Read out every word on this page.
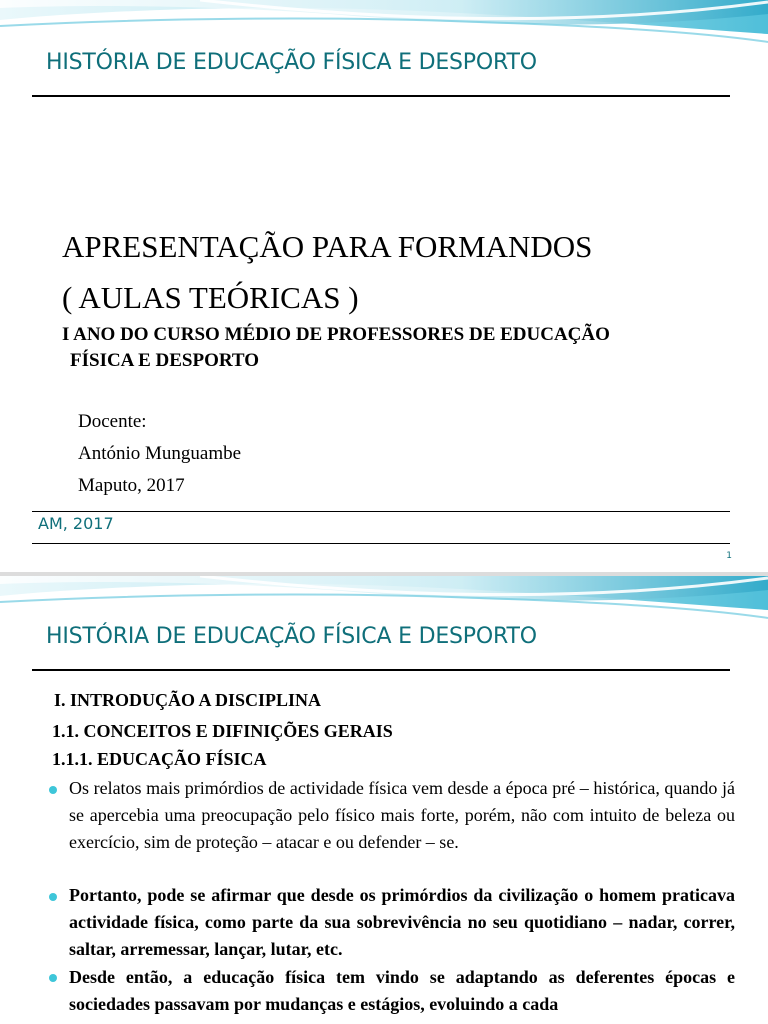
HISTÓRIA DE EDUCAÇÃO FÍSICA E DESPORTO
APRESENTAÇÃO PARA FORMANDOS
( AULAS TEÓRICAS )
I ANO DO CURSO MÉDIO DE PROFESSORES DE EDUCAÇÃO
FÍSICA E DESPORTO
Docente:
António Munguambe
Maputo, 2017
AM, 2017
1
HISTÓRIA DE EDUCAÇÃO FÍSICA E DESPORTO
I. INTRODUÇÃO A DISCIPLINA
1.1. CONCEITOS E DIFINIÇÕES GERAIS
1.1.1. EDUCAÇÃO FÍSICA
Os relatos mais primórdios de actividade física vem desde a época pré – histórica, quando já se apercebia uma preocupação pelo físico mais forte, porém, não com intuito de beleza ou exercício, sim de proteção – atacar e ou defender – se.
Portanto, pode se afirmar que desde os primórdios da civilização o homem praticava actividade física, como parte da sua sobrevivência no seu quotidiano – nadar, correr, saltar, arremessar, lançar, lutar, etc.
Desde então, a educação física tem vindo se adaptando as deferentes épocas e sociedades passavam por mudanças e estágios, evoluindo a cada
